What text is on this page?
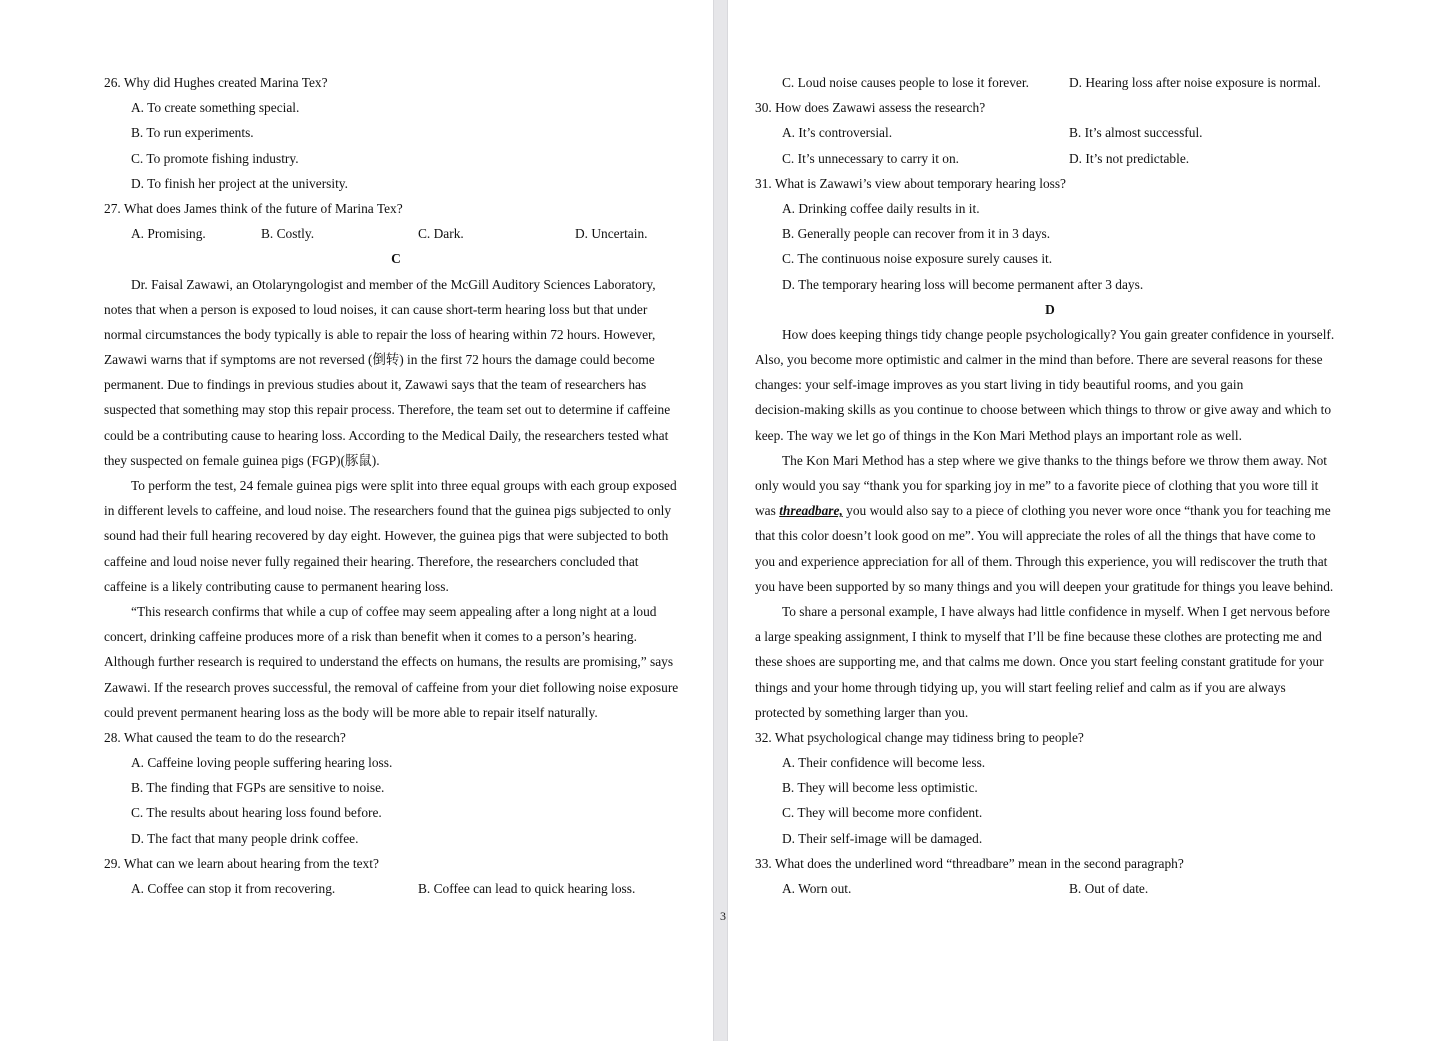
26. Why did Hughes created Marina Tex?
A. To create something special.
B. To run experiments.
C. To promote fishing industry.
D. To finish her project at the university.
27. What does James think of the future of Marina Tex?
A. Promising.	B. Costly.	C. Dark.	D. Uncertain.
C
Dr. Faisal Zawawi, an Otolaryngologist and member of the McGill Auditory Sciences Laboratory,
notes that when a person is exposed to loud noises, it can cause short-term hearing loss but that under
normal circumstances the body typically is able to repair the loss of hearing within 72 hours. However,
Zawawi warns that if symptoms are not reversed (倒转) in the first 72 hours the damage could become
permanent. Due to findings in previous studies about it, Zawawi says that the team of researchers has
suspected that something may stop this repair process. Therefore, the team set out to determine if caffeine
could be a contributing cause to hearing loss. According to the Medical Daily, the researchers tested what
they suspected on female guinea pigs (FGP)(豚鼠).
To perform the test, 24 female guinea pigs were split into three equal groups with each group exposed
in different levels to caffeine, and loud noise. The researchers found that the guinea pigs subjected to only
sound had their full hearing recovered by day eight. However, the guinea pigs that were subjected to both
caffeine and loud noise never fully regained their hearing. Therefore, the researchers concluded that
caffeine is a likely contributing cause to permanent hearing loss.
“This research confirms that while a cup of coffee may seem appealing after a long night at a loud
concert, drinking caffeine produces more of a risk than benefit when it comes to a person’s hearing.
Although further research is required to understand the effects on humans, the results are promising,” says
Zawawi. If the research proves successful, the removal of caffeine from your diet following noise exposure
could prevent permanent hearing loss as the body will be more able to repair itself naturally.
28. What caused the team to do the research?
A. Caffeine loving people suffering hearing loss.
B. The finding that FGPs are sensitive to noise.
C. The results about hearing loss found before.
D. The fact that many people drink coffee.
29. What can we learn about hearing from the text?
A. Coffee can stop it from recovering.	B. Coffee can lead to quick hearing loss.
C. Loud noise causes people to lose it forever.	D. Hearing loss after noise exposure is normal.
30. How does Zawawi assess the research?
A. It’s controversial.	B. It’s almost successful.
C. It’s unnecessary to carry it on.	D. It’s not predictable.
31. What is Zawawi’s view about temporary hearing loss?
A. Drinking coffee daily results in it.
B. Generally people can recover from it in 3 days.
C. The continuous noise exposure surely causes it.
D. The temporary hearing loss will become permanent after 3 days.
D
How does keeping things tidy change people psychologically? You gain greater confidence in yourself.
Also, you become more optimistic and calmer in the mind than before. There are several reasons for these
changes: your self-image improves as you start living in tidy beautiful rooms, and you gain
decision-making skills as you continue to choose between which things to throw or give away and which to
keep. The way we let go of things in the Kon Mari Method plays an important role as well.
The Kon Mari Method has a step where we give thanks to the things before we throw them away. Not
only would you say “thank you for sparking joy in me” to a favorite piece of clothing that you wore till it
was threadbare, you would also say to a piece of clothing you never wore once “thank you for teaching me
that this color doesn’t look good on me”. You will appreciate the roles of all the things that have come to
you and experience appreciation for all of them. Through this experience, you will rediscover the truth that
you have been supported by so many things and you will deepen your gratitude for things you leave behind.
To share a personal example, I have always had little confidence in myself. When I get nervous before
a large speaking assignment, I think to myself that I’ll be fine because these clothes are protecting me and
these shoes are supporting me, and that calms me down. Once you start feeling constant gratitude for your
things and your home through tidying up, you will start feeling relief and calm as if you are always
protected by something larger than you.
32. What psychological change may tidiness bring to people?
A. Their confidence will become less.
B. They will become less optimistic.
C. They will become more confident.
D. Their self-image will be damaged.
33. What does the underlined word “threadbare” mean in the second paragraph?
A. Worn out.	B. Out of date.
3
